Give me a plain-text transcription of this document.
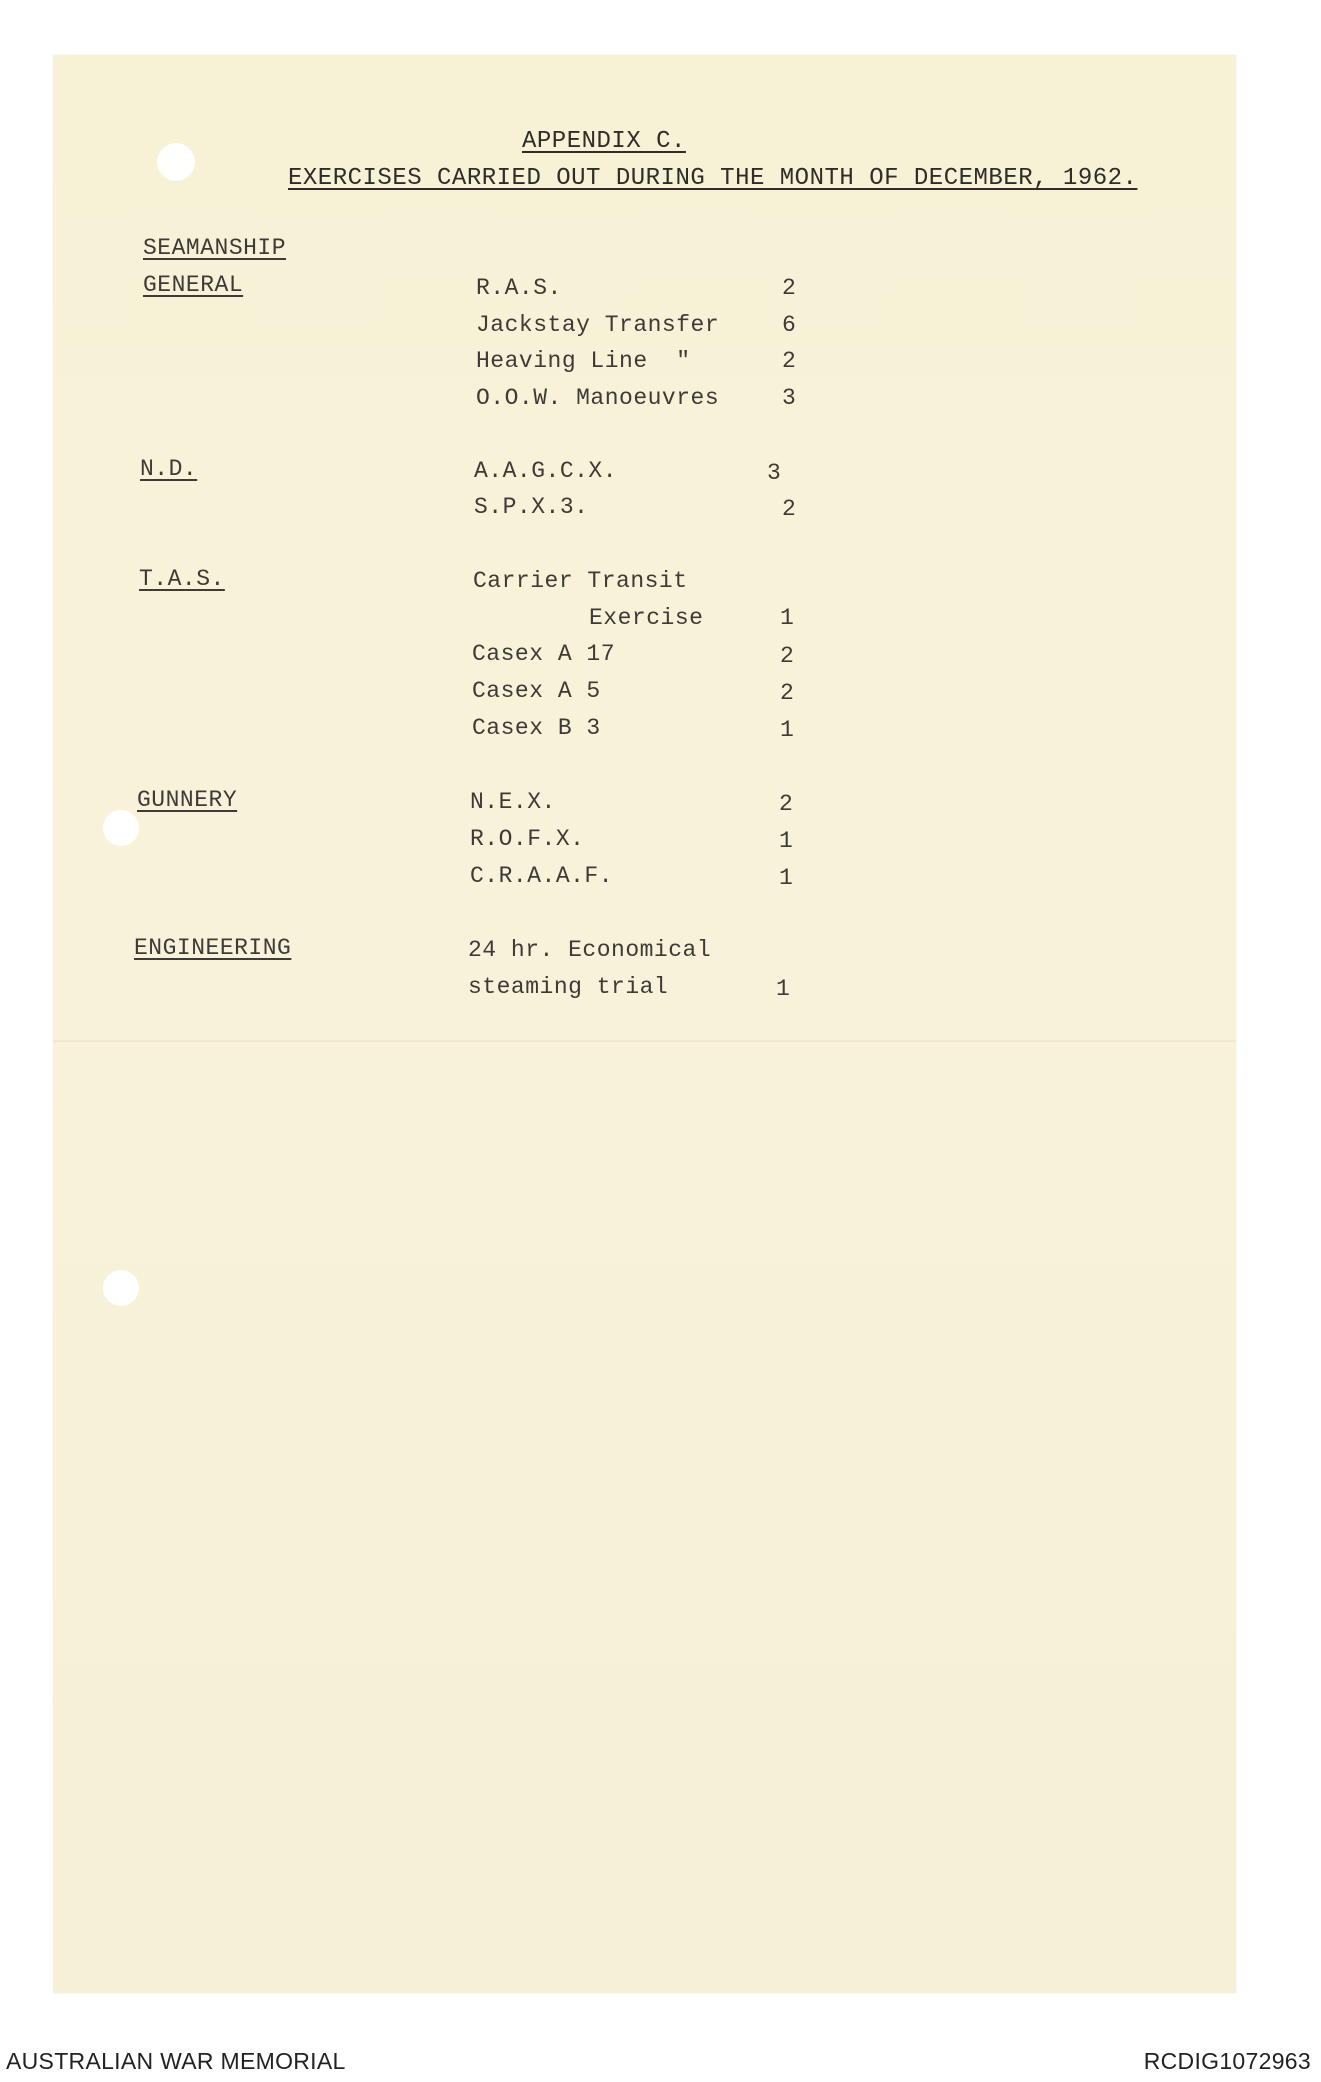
APPENDIX C.
EXERCISES CARRIED OUT DURING THE MONTH OF DECEMBER, 1962.
SEAMANSHIP
GENERAL	R.A.S.	2
Jackstay Transfer	6
Heaving Line  "	2
O.O.W. Manoeuvres	3
N.D.	A.A.G.C.X.	3
S.P.X.3.	2
T.A.S.	Carrier Transit
Exercise	1
Casex A 17	2
Casex A 5	2
Casex B 3	1
GUNNERY	N.E.X.	2
R.O.F.X.	1
C.R.A.A.F.	1
ENGINEERING	24 hr. Economical
steaming trial	1
AUSTRALIAN WAR MEMORIAL	RCDIG1072963
